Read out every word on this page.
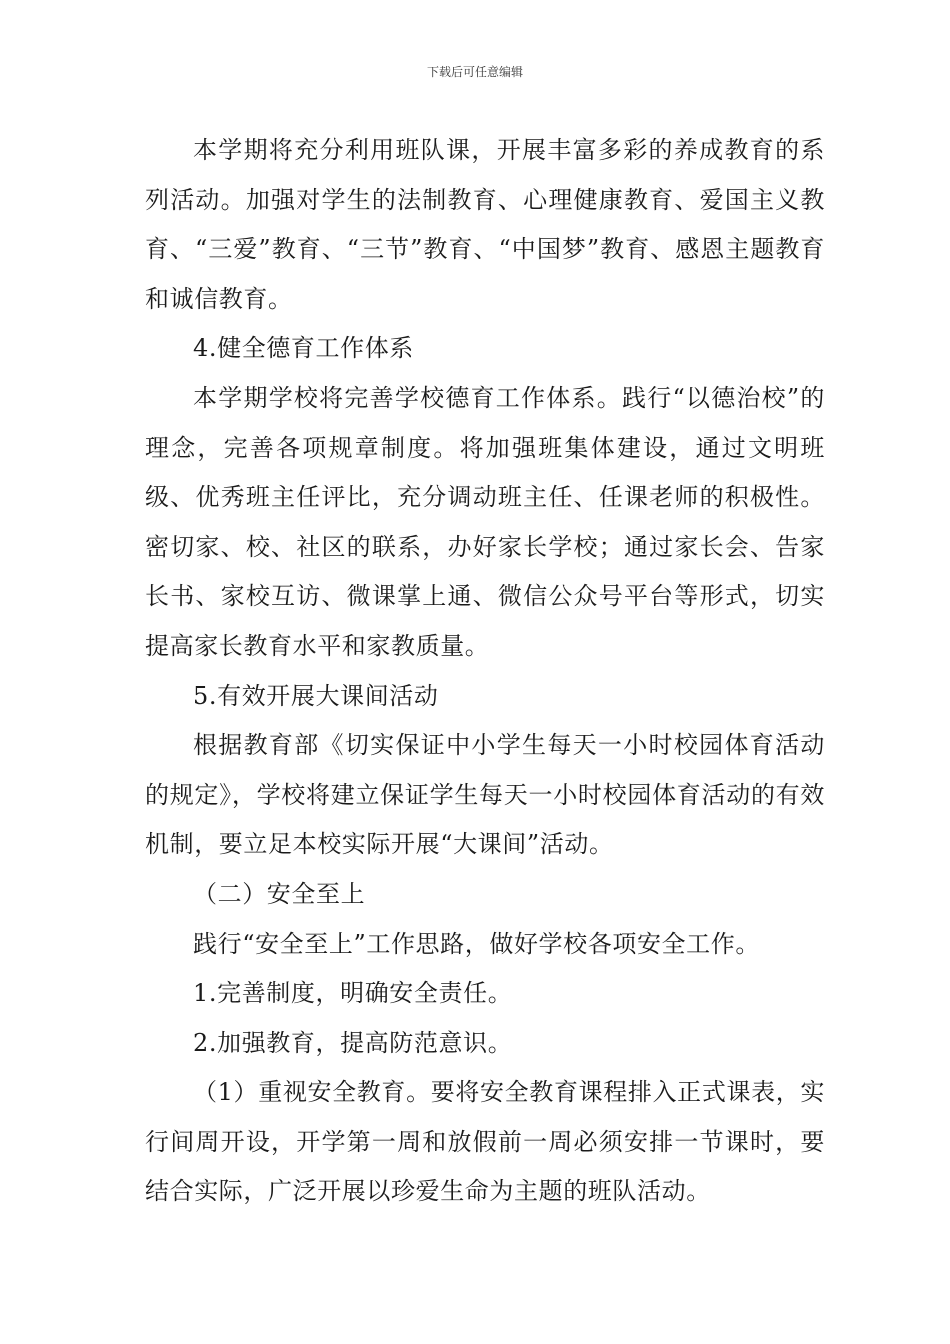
下载后可任意编辑

本学期将充分利用班队课，开展丰富多彩的养成教育的系列活动。加强对学生的法制教育、心理健康教育、爱国主义教育、“三爱”教育、“三节”教育、“中国梦”教育、感恩主题教育和诚信教育。

4.健全德育工作体系

本学期学校将完善学校德育工作体系。践行“以德治校”的理念，完善各项规章制度。将加强班集体建设，通过文明班级、优秀班主任评比，充分调动班主任、任课老师的积极性。密切家、校、社区的联系，办好家长学校；通过家长会、告家长书、家校互访、微课掌上通、微信公众号平台等形式，切实提高家长教育水平和家教质量。

5.有效开展大课间活动

根据教育部《切实保证中小学生每天一小时校园体育活动的规定》，学校将建立保证学生每天一小时校园体育活动的有效机制，要立足本校实际开展“大课间”活动。

（二）安全至上

践行“安全至上”工作思路，做好学校各项安全工作。

1.完善制度，明确安全责任。

2.加强教育，提高防范意识。

（1）重视安全教育。要将安全教育课程排入正式课表，实行间周开设，开学第一周和放假前一周必须安排一节课时，要结合实际，广泛开展以珍爱生命为主题的班队活动。
